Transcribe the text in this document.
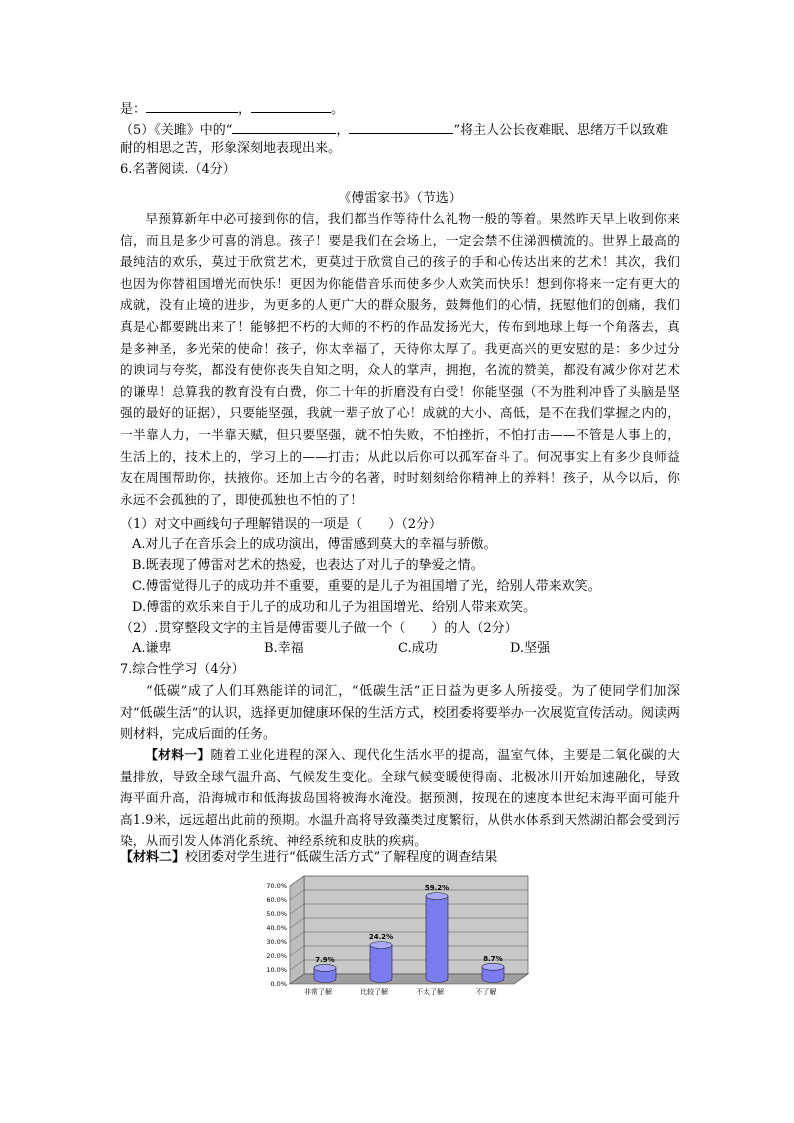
是：	，	。
（5）《关雎》中的“	，	”将主人公长夜难眠、思绪万千以致难
耐的相思之苦，形象深刻地表现出来。
6.名著阅读.（4分）
《傅雷家书》（节选）
早预算新年中必可接到你的信，我们都当作等待什么礼物一般的等着。果然昨天早上收到你来信，而且是多少可喜的消息。孩子！要是我们在会场上，一定会禁不住涕泗横流的。世界上最高的最纯洁的欢乐，莫过于欣赏艺术，更莫过于欣赏自己的孩子的手和心传达出来的艺术！其次，我们也因为你替祖国增光而快乐！更因为你能借音乐而使多少人欢笑而快乐！想到你将来一定有更大的成就，没有止境的进步，为更多的人更广大的群众服务，鼓舞他们的心情，抚慰他们的创痛，我们真是心都要跳出来了！能够把不朽的大师的不朽的作品发扬光大，传布到地球上每一个角落去，真是多神圣，多光荣的使命！孩子，你太幸福了，天待你太厚了。我更高兴的更安慰的是：多少过分的谀词与夸奖，都没有使你丧失自知之明，众人的掌声，拥抱，名流的赞美，都没有减少你对艺术的谦卑！总算我的教育没有白费，你二十年的折磨没有白受！你能坚强（不为胜利冲昏了头脑是坚强的最好的证据），只要能坚强，我就一辈子放了心！成就的大小、高低，是不在我们掌握之内的，一半靠人力，一半靠天赋，但只要坚强，就不怕失败，不怕挫折，不怕打击——不管是人事上的，生活上的，技术上的，学习上的——打击；从此以后你可以孤军奋斗了。何况事实上有多少良师益友在周围帮助你，扶掖你。还加上古今的名著，时时刻刻给你精神上的养料！孩子，从今以后，你永远不会孤独的了，即使孤独也不怕的了！
（1）对文中画线句子理解错误的一项是（　　）（2分）
A.对儿子在音乐会上的成功演出，傅雷感到莫大的幸福与骄傲。
B.既表现了傅雷对艺术的热爱，也表达了对儿子的挚爱之情。
C.傅雷觉得儿子的成功并不重要，重要的是儿子为祖国增了光，给别人带来欢笑。
D.傅雷的欢乐来自于儿子的成功和儿子为祖国增光、给别人带来欢笑。
（2）.贯穿整段文字的主旨是傅雷要儿子做一个（　　）的人（2分）
A.谦卑	B.幸福	C.成功	D.坚强
7.综合性学习（4分）
“低碳”成了人们耳熟能详的词汇，“低碳生活”正日益为更多人所接受。为了使同学们加深对“低碳生活”的认识，选择更加健康环保的生活方式，校团委将要举办一次展览宣传活动。阅读两则材料，完成后面的任务。
【材料一】随着工业化进程的深入、现代化生活水平的提高，温室气体，主要是二氧化碳的大量排放，导致全球气温升高、气候发生变化。全球气候变暖使得南、北极冰川开始加速融化，导致海平面升高，沿海城市和低海拔岛国将被海水淹没。据预测，按现在的速度本世纪末海平面可能升高1.9米，远远超出此前的预期。水温升高将导致藻类过度繁衍，从供水体系到天然湖泊都会受到污染，从而引发人体消化系统、神经系统和皮肤的疾病。
【材料二】校团委对学生进行“低碳生活方式”了解程度的调查结果
0.0%
10.0%
20.0%
30.0%
40.0%
50.0%
60.0%
70.0%
7.9%
非常了解
24.2%
比较了解
59.2%
不太了解
8.7%
不了解
